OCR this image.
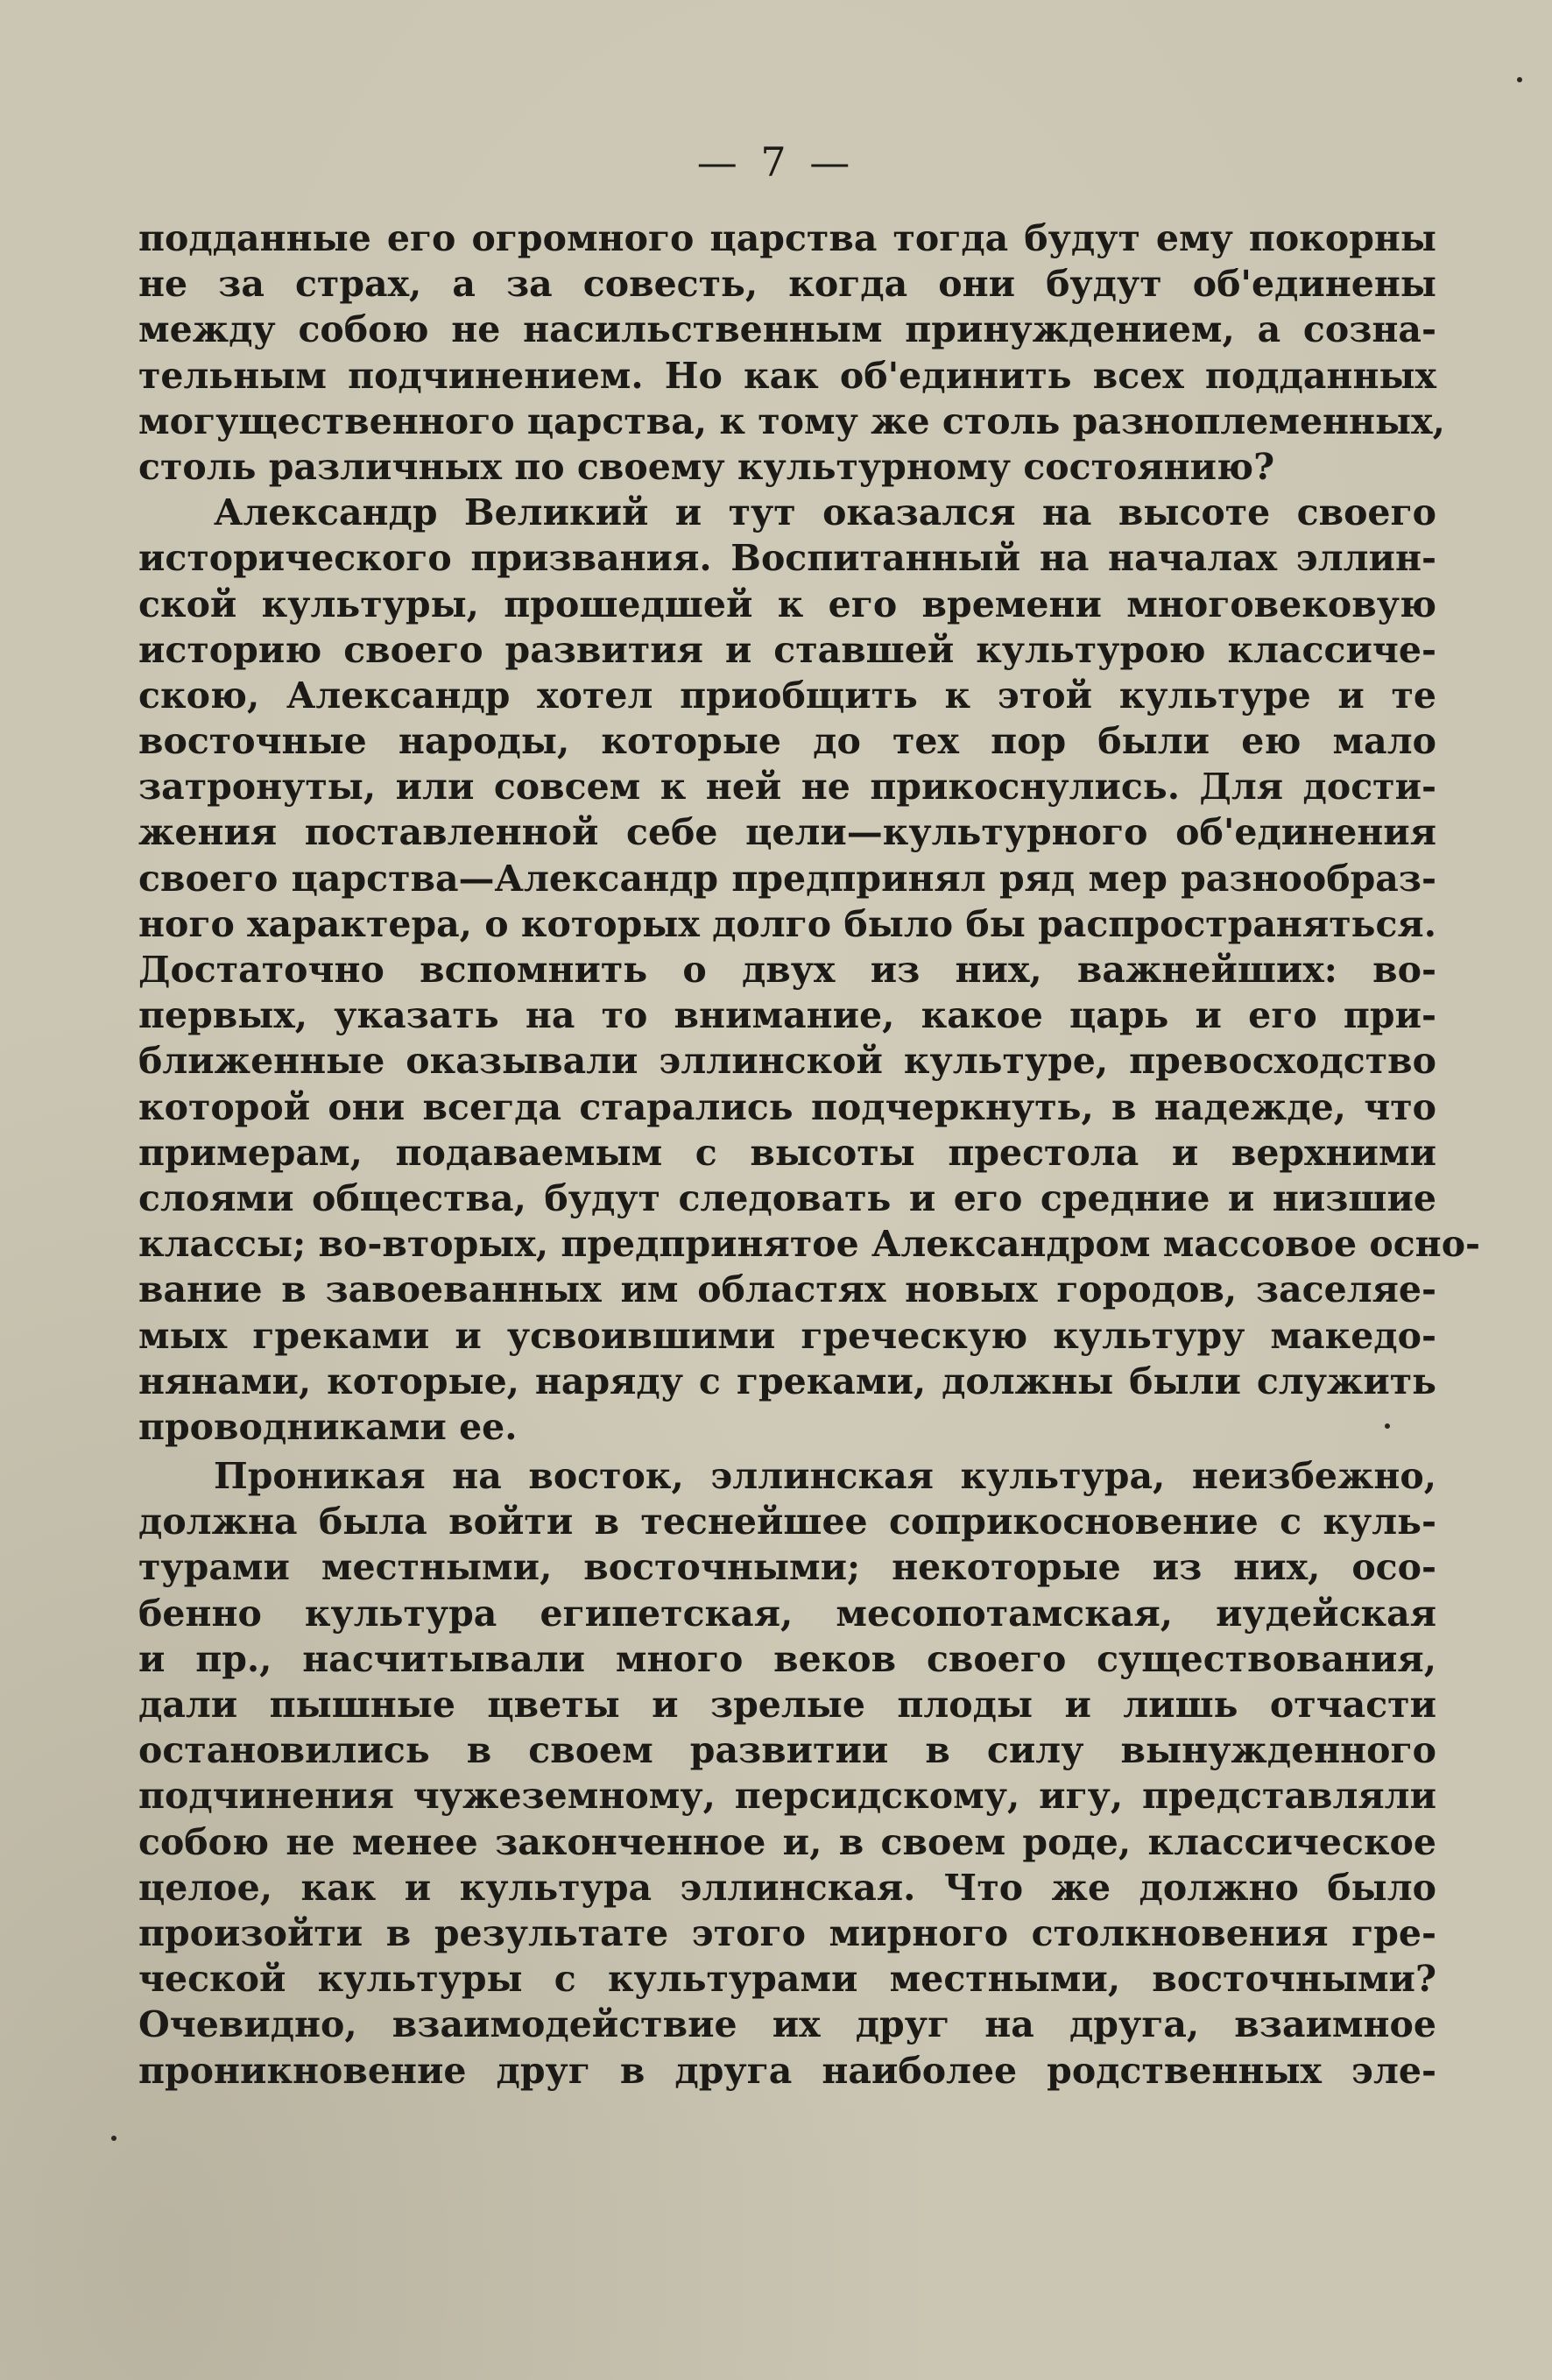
— 7 —
подданные его огромного царства тогда будут ему покорны
не за страх, а за совесть, когда они будут об'единены
между собою не насильственным принуждением, а созна-
тельным подчинением. Но как об'единить всех подданных
могущественного царства, к тому же столь разноплеменных,
столь различных по своему культурному состоянию?
Александр Великий и тут оказался на высоте своего
исторического призвания. Воспитанный на началах эллин-
ской культуры, прошедшей к его времени многовековую
историю своего развития и ставшей культурою классиче-
скою, Александр хотел приобщить к этой культуре и те
восточные народы, которые до тех пор были ею мало
затронуты, или совсем к ней не прикоснулись. Для дости-
жения поставленной себе цели—культурного об'единения
своего царства—Александр предпринял ряд мер разнообраз-
ного характера, о которых долго было бы распространяться.
Достаточно вспомнить о двух из них, важнейших: во-
первых, указать на то внимание, какое царь и его при-
ближенные оказывали эллинской культуре, превосходство
которой они всегда старались подчеркнуть, в надежде, что
примерам, подаваемым с высоты престола и верхними
слоями общества, будут следовать и его средние и низшие
классы; во-вторых, предпринятое Александром массовое осно-
вание в завоеванных им областях новых городов, заселяе-
мых греками и усвоившими греческую культуру македо-
нянами, которые, наряду с греками, должны были служить
проводниками ее.
Проникая на восток, эллинская культура, неизбежно,
должна была войти в теснейшее соприкосновение с куль-
турами местными, восточными; некоторые из них, осо-
бенно культура египетская, месопотамская, иудейская
и пр., насчитывали много веков своего существования,
дали пышные цветы и зрелые плоды и лишь отчасти
остановились в своем развитии в силу вынужденного
подчинения чужеземному, персидскому, игу, представляли
собою не менее законченное и, в своем роде, классическое
целое, как и культура эллинская. Что же должно было
произойти в результате этого мирного столкновения гре-
ческой культуры с культурами местными, восточными?
Очевидно, взаимодействие их друг на друга, взаимное
проникновение друг в друга наиболее родственных эле-
